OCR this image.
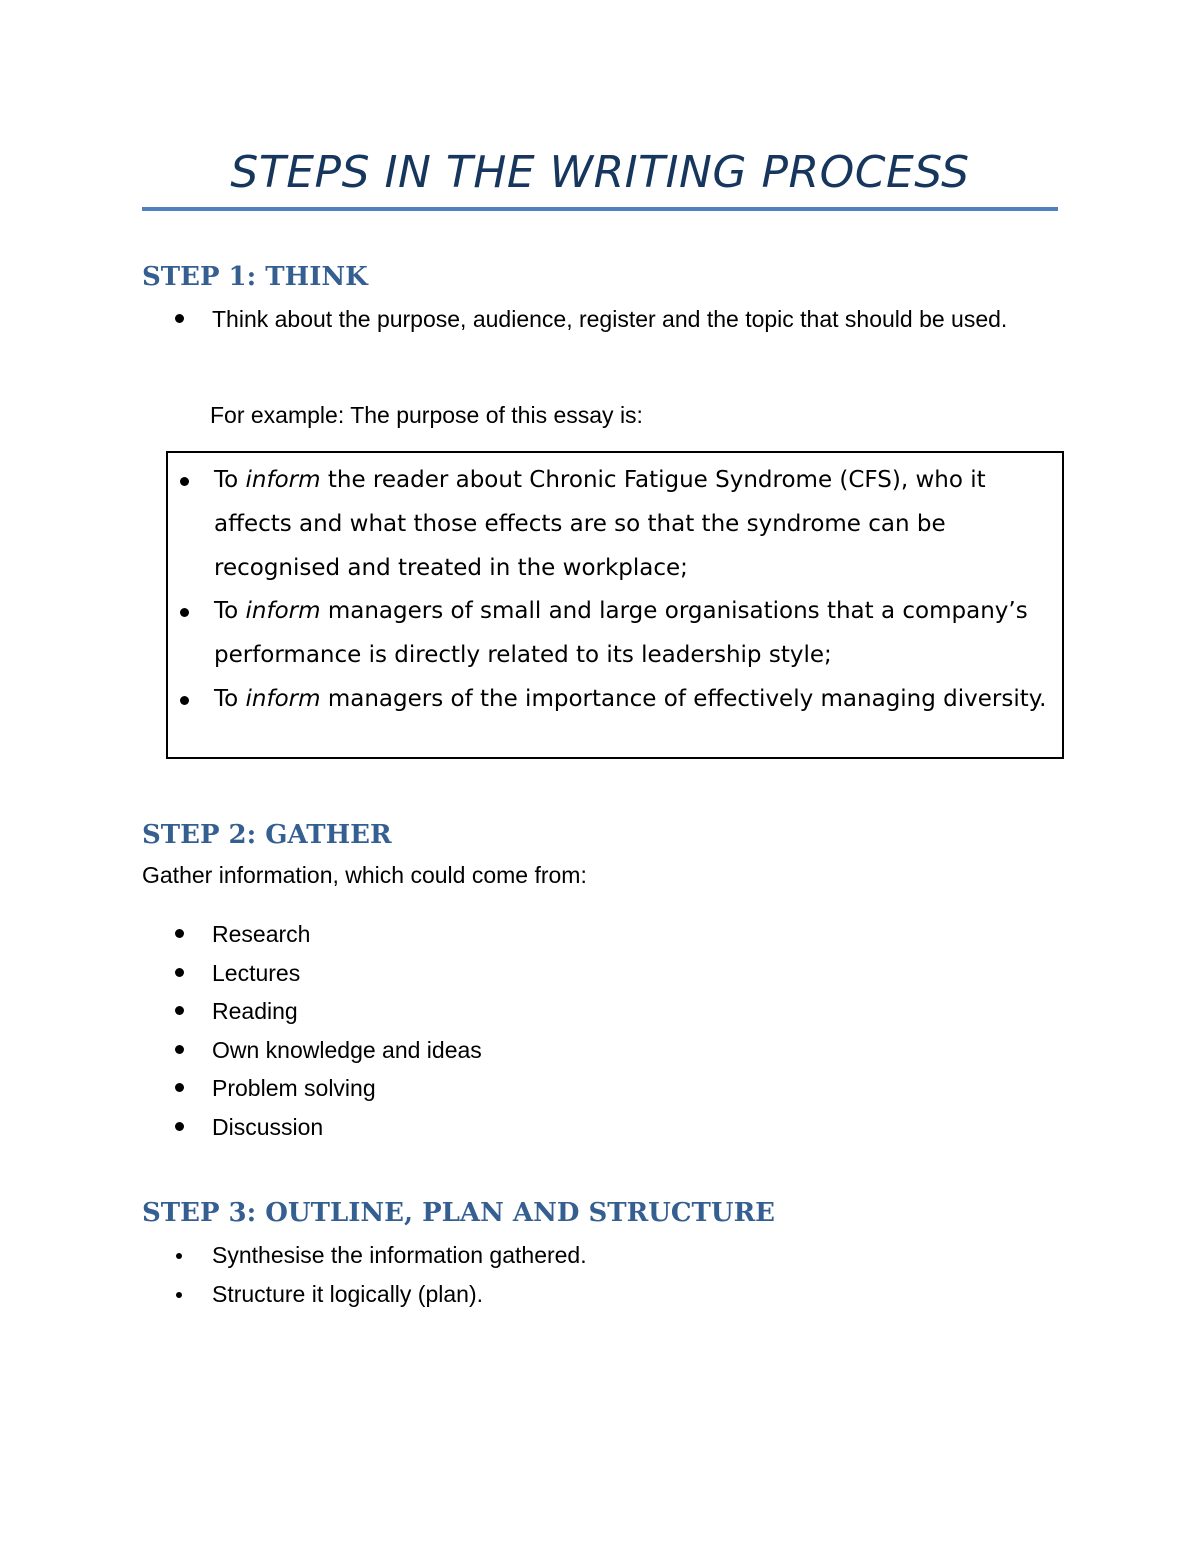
STEPS IN THE WRITING PROCESS
STEP 1: THINK
Think about the purpose, audience, register and the topic that should be used.
For example: The purpose of this essay is:
To inform the reader about Chronic Fatigue Syndrome (CFS), who it affects and what those effects are so that the syndrome can be recognised and treated in the workplace;
To inform managers of small and large organisations that a company’s performance is directly related to its leadership style;
To inform managers of the importance of effectively managing diversity.
STEP 2: GATHER
Gather information, which could come from:
Research
Lectures
Reading
Own knowledge and ideas
Problem solving
Discussion
STEP 3: OUTLINE, PLAN AND STRUCTURE
Synthesise the information gathered.
Structure it logically (plan).
